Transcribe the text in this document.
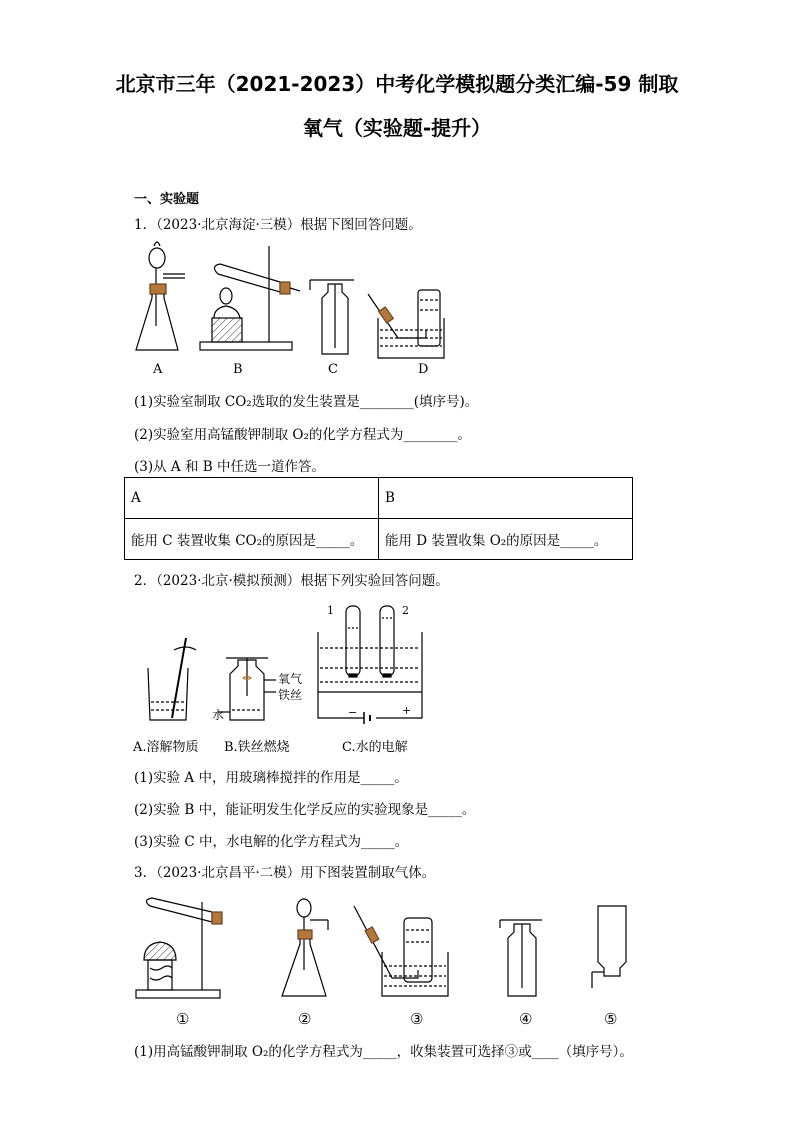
北京市三年（2021-2023）中考化学模拟题分类汇编-59 制取
氧气（实验题-提升）
一、实验题
1．（2023·北京海淀·三模）根据下图回答问题。
A	B	C	D
(1)实验室制取 CO₂选取的发生装置是________(填序号)。
(2)实验室用高锰酸钾制取 O₂的化学方程式为________。
(3)从 A 和 B 中任选一道作答。
A	B
能用 C 装置收集 CO₂的原因是_____。	能用 D 装置收集 O₂的原因是_____。
2．（2023·北京·模拟预测）根据下列实验回答问题。
1	2
氧气
铁丝
水	−	+
A.溶解物质 B.铁丝燃烧	C.水的电解
(1)实验 A 中，用玻璃棒搅拌的作用是_____。
(2)实验 B 中，能证明发生化学反应的实验现象是_____。
(3)实验 C 中，水电解的化学方程式为_____。
3．（2023·北京昌平·二模）用下图装置制取气体。
①	②	③	④	⑤
(1)用高锰酸钾制取 O₂的化学方程式为_____，收集装置可选择③或____（填序号）。
